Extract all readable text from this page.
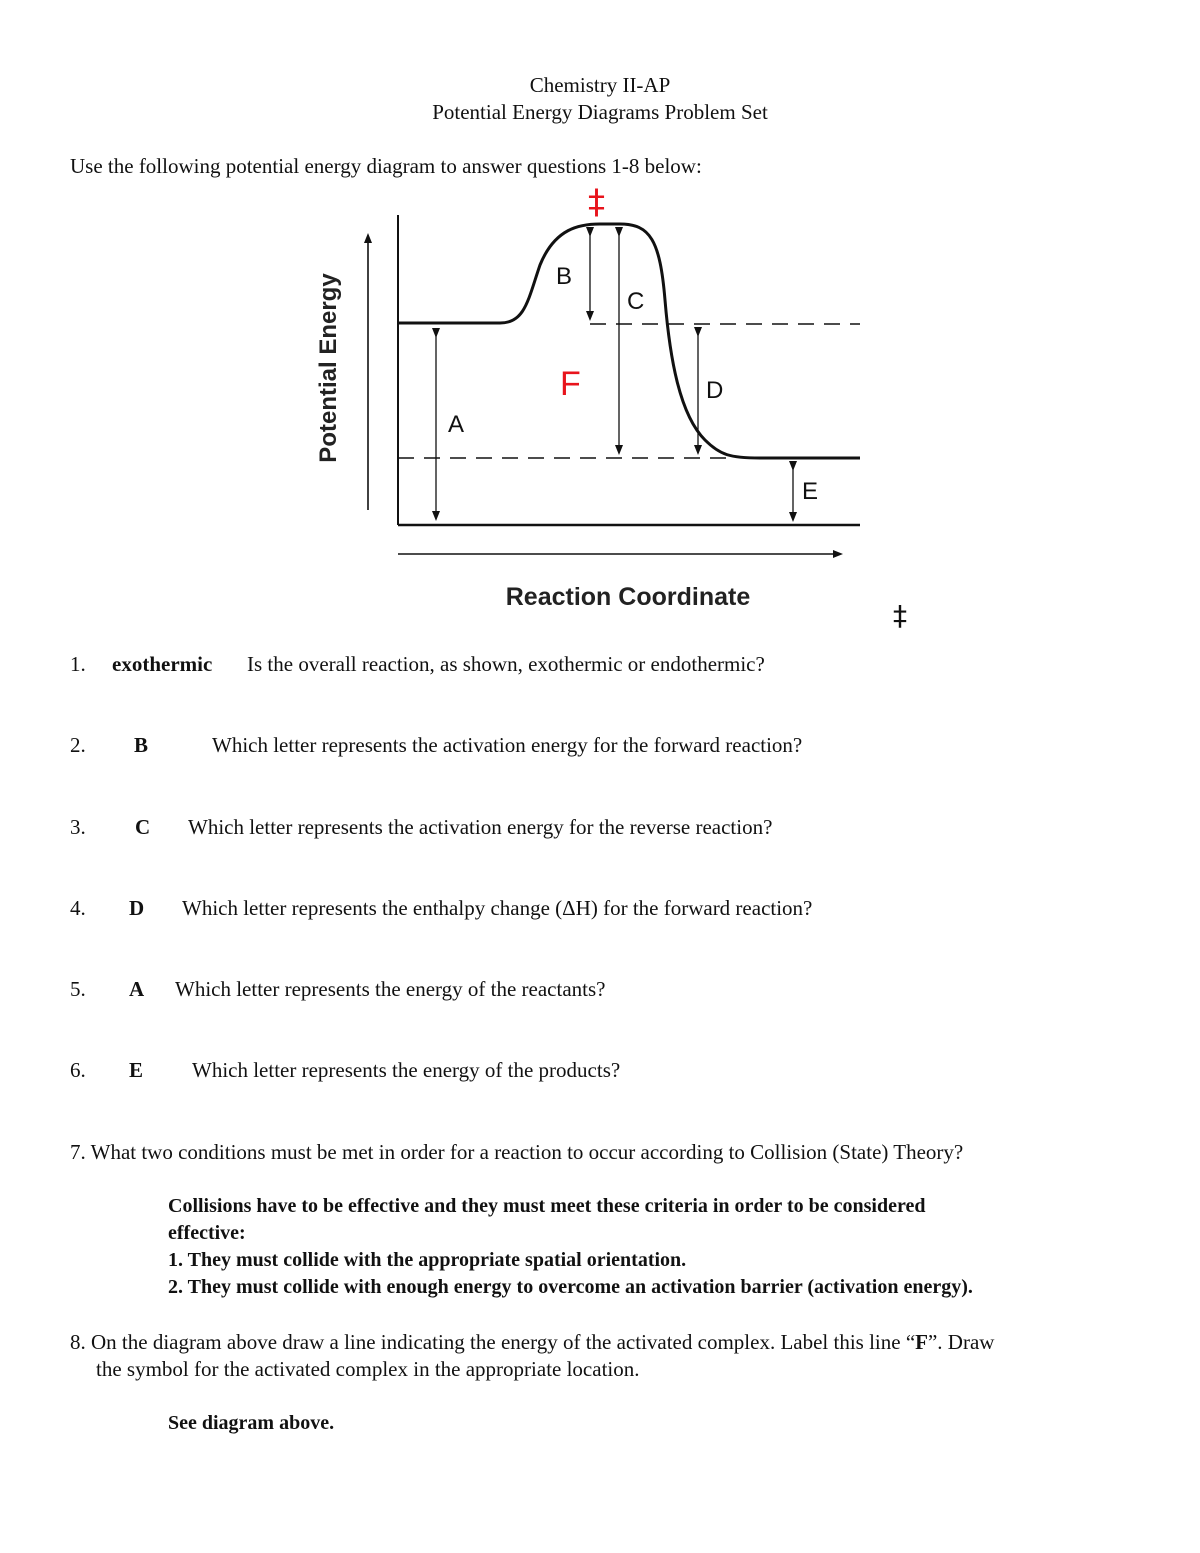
Chemistry II-AP
Potential Energy Diagrams Problem Set
Use the following potential energy diagram to answer questions 1-8 below:
A
B
C
D
E
F
‡
‡
Potential Energy
Reaction Coordinate
1. exothermic Is the overall reaction, as shown, exothermic or endothermic?
2. B	Which letter represents the activation energy for the forward reaction?
3. C Which letter represents the activation energy for the reverse reaction?
4. D Which letter represents the enthalpy change (ΔH) for the forward reaction?
5. A Which letter represents the energy of the reactants?
6. E Which letter represents the energy of the products?
7. What two conditions must be met in order for a reaction to occur according to Collision (State) Theory?
Collisions have to be effective and they must meet these criteria in order to be considered
effective:
1. They must collide with the appropriate spatial orientation.
2. They must collide with enough energy to overcome an activation barrier (activation energy).
8. On the diagram above draw a line indicating the energy of the activated complex. Label this line “F”. Draw
the symbol for the activated complex in the appropriate location.
See diagram above.
